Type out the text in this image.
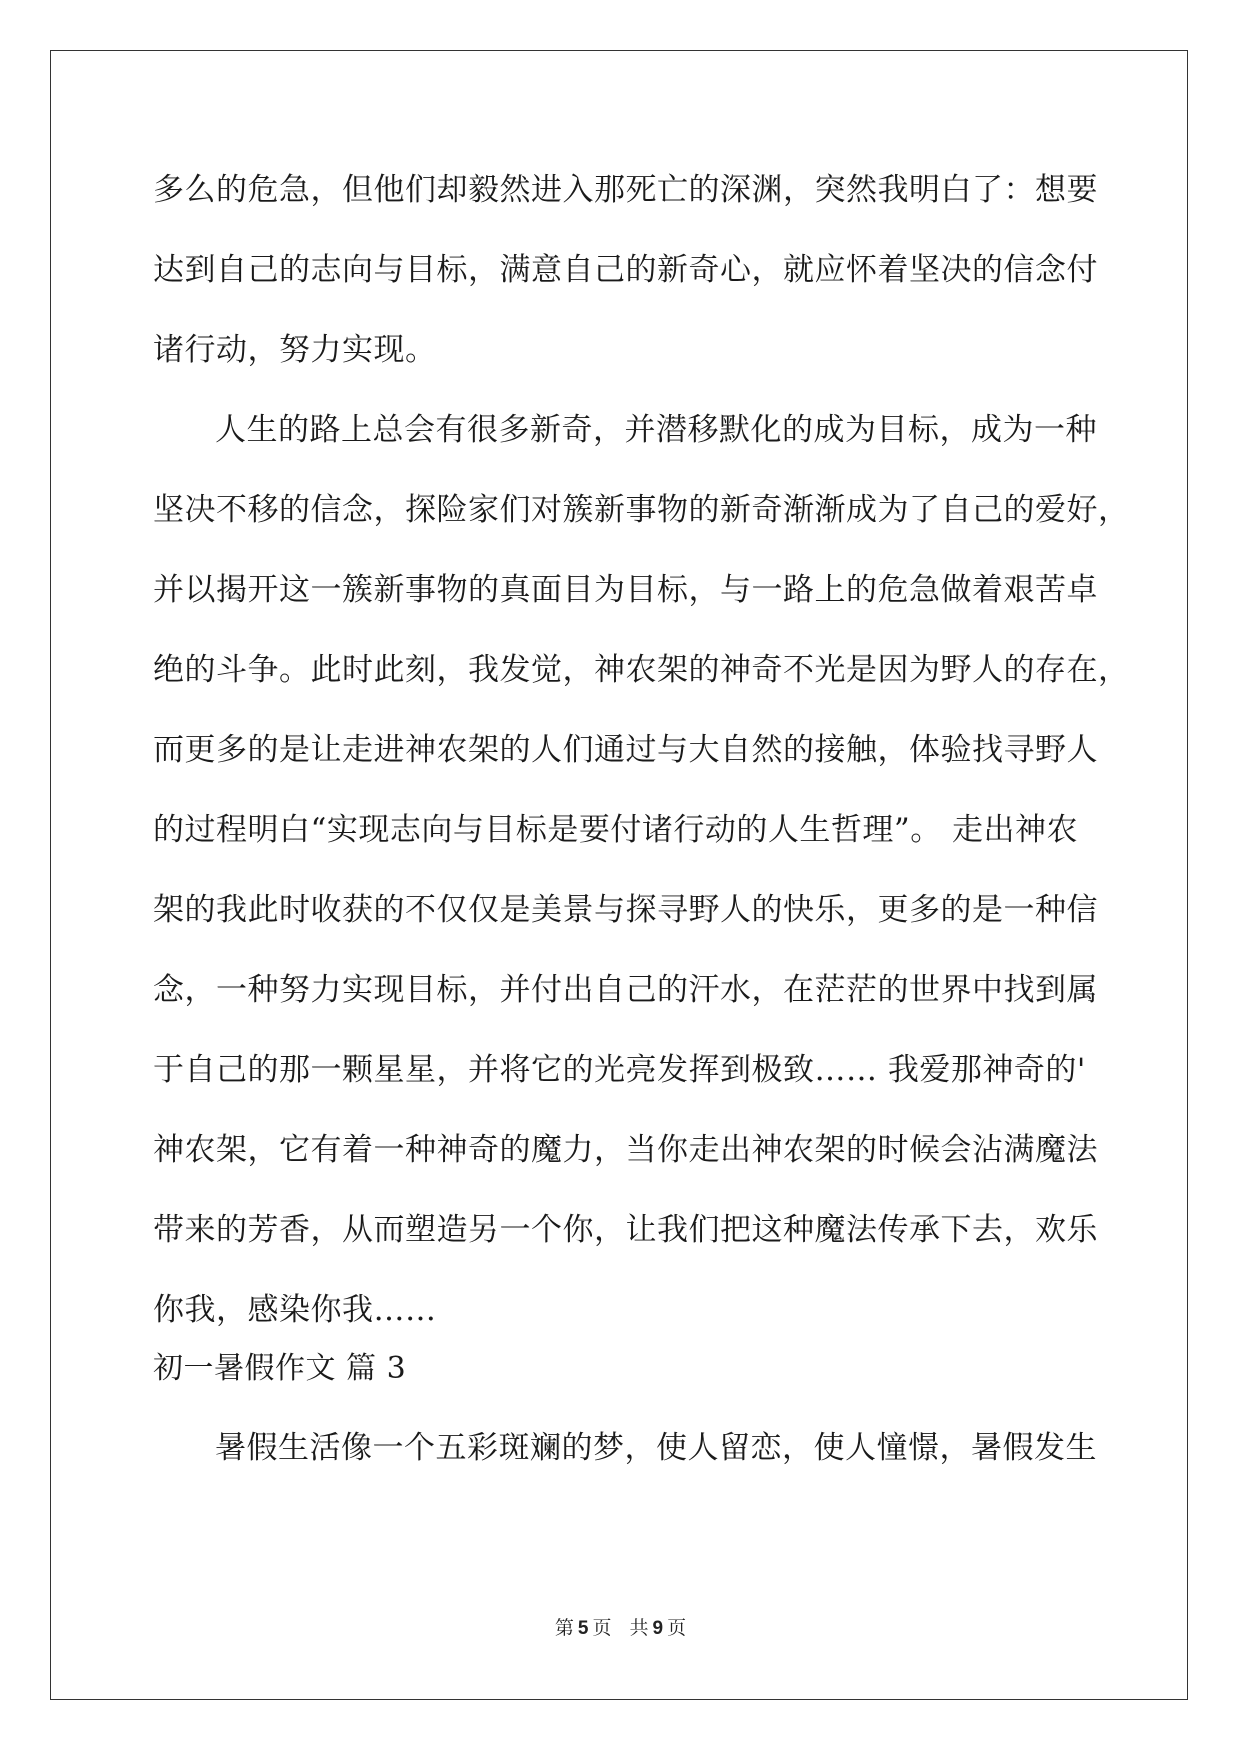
多么的危急，但他们却毅然进入那死亡的深渊，突然我明白了：想要
达到自己的志向与目标，满意自己的新奇心，就应怀着坚决的信念付
诸行动，努力实现。
人生的路上总会有很多新奇，并潜移默化的成为目标，成为一种
坚决不移的信念，探险家们对簇新事物的新奇渐渐成为了自己的爱好，
并以揭开这一簇新事物的真面目为目标，与一路上的危急做着艰苦卓
绝的斗争。此时此刻，我发觉，神农架的神奇不光是因为野人的存在，
而更多的是让走进神农架的人们通过与大自然的接触，体验找寻野人
的过程明白“实现志向与目标是要付诸行动的人生哲理”。 走出神农
架的我此时收获的不仅仅是美景与探寻野人的快乐，更多的是一种信
念，一种努力实现目标，并付出自己的汗水，在茫茫的世界中找到属
于自己的那一颗星星，并将它的光亮发挥到极致…… 我爱那神奇的'
神农架，它有着一种神奇的魔力，当你走出神农架的时候会沾满魔法
带来的芳香，从而塑造另一个你，让我们把这种魔法传承下去，欢乐
你我，感染你我……
初一暑假作文 篇 3
暑假生活像一个五彩斑斓的梦，使人留恋，使人憧憬，暑假发生
第 5 页 共 9 页
